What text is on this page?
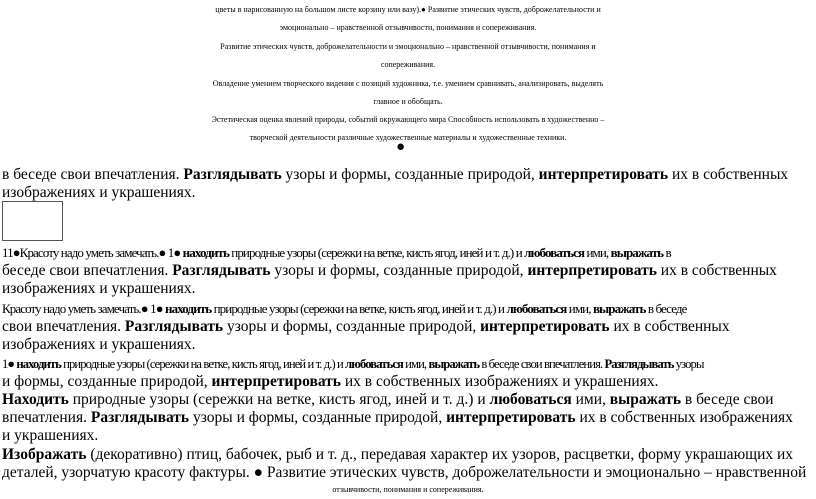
цветы в нарисованную на большом листе корзину или вазу).● Развитие этических чувств, доброжелательности и
эмоционально – нравственной отзывчивости, понимания и сопереживания.
Развитие этических чувств, доброжелательности и эмоционально – нравственной отзывчивости, понимания и
сопереживания.
Овладение умением творческого видения с позиций художника, т.е. умением сравнивать, анализировать, выделять
главное и обобщать.
Эстетическая оценка явлений природы, событий окружающего мира Способность использовать в художественно –
творческой деятельности различные художественные материалы и художественные техники.
●
в беседе свои впечатления. Разглядывать узоры и формы, созданные природой, интерпретировать их в собственных
изображениях и украшениях.
11●Красоту надо уметь замечать.● 1● находить природные узоры (сережки на ветке, кисть ягод, иней и т. д.) и любоваться ими, выражать в
беседе свои впечатления. Разглядывать узоры и формы, созданные природой, интерпретировать их в собственных
изображениях и украшениях.
Красоту надо уметь замечать.● 1● находить природные узоры (сережки на ветке, кисть ягод, иней и т. д.) и любоваться ими, выражать в беседе
свои впечатления. Разглядывать узоры и формы, созданные природой, интерпретировать их в собственных
изображениях и украшениях.
1● находить природные узоры (сережки на ветке, кисть ягод, иней и т. д.) и любоваться ими, выражать в беседе свои впечатления. Разглядывать узоры
и формы, созданные природой, интерпретировать их в собственных изображениях и украшениях.
Находить природные узоры (сережки на ветке, кисть ягод, иней и т. д.) и любоваться ими, выражать в беседе свои
впечатления. Разглядывать узоры и формы, созданные природой, интерпретировать их в собственных изображениях
и украшениях.
Изображать (декоративно) птиц, бабочек, рыб и т. д., передавая характер их узоров, расцветки, форму украшающих их
деталей, узорчатую красоту фактуры. ● Развитие этических чувств, доброжелательности и эмоционально – нравственной
отзывчивости, понимания и сопереживания.
